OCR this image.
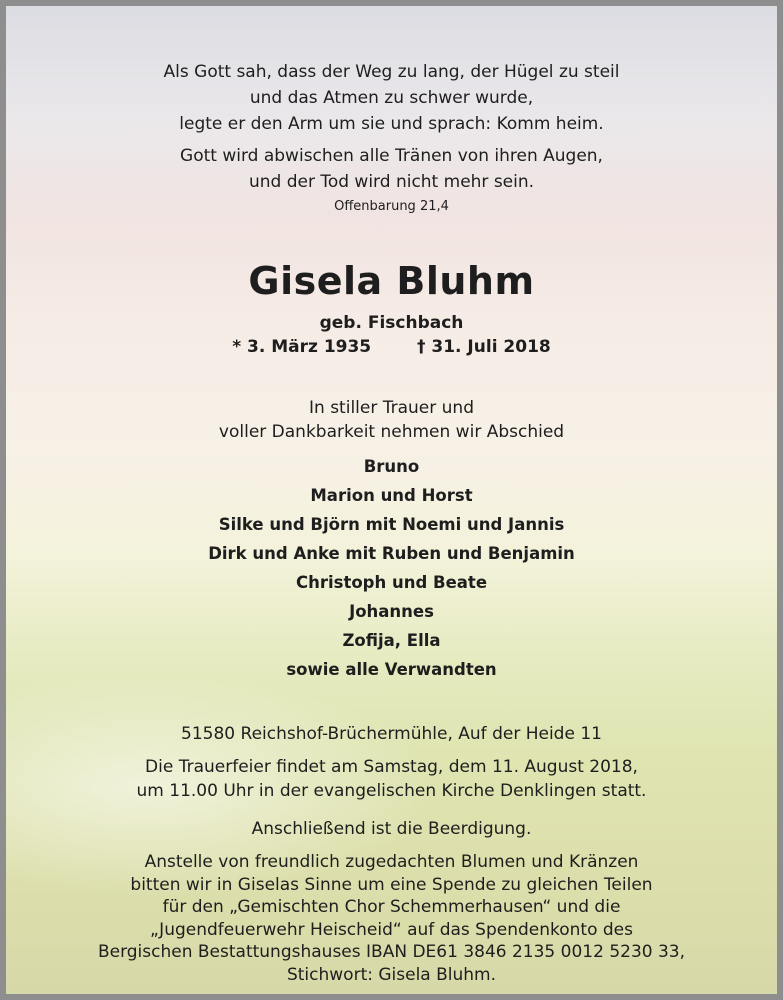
Als Gott sah, dass der Weg zu lang, der Hügel zu steil
und das Atmen zu schwer wurde,
legte er den Arm um sie und sprach: Komm heim.
Gott wird abwischen alle Tränen von ihren Augen,
und der Tod wird nicht mehr sein.
Offenbarung 21,4
Gisela Bluhm
geb. Fischbach
* 3. März 1935	† 31. Juli 2018
In stiller Trauer und
voller Dankbarkeit nehmen wir Abschied
Bruno
Marion und Horst
Silke und Björn mit Noemi und Jannis
Dirk und Anke mit Ruben und Benjamin
Christoph und Beate
Johannes
Zofija, Ella
sowie alle Verwandten
51580 Reichshof-Brüchermühle, Auf der Heide 11
Die Trauerfeier findet am Samstag, dem 11. August 2018,
um 11.00 Uhr in der evangelischen Kirche Denklingen statt.
Anschließend ist die Beerdigung.
Anstelle von freundlich zugedachten Blumen und Kränzen
bitten wir in Giselas Sinne um eine Spende zu gleichen Teilen
für den „Gemischten Chor Schemmerhausen“ und die
„Jugendfeuerwehr Heischeid“ auf das Spendenkonto des
Bergischen Bestattungshauses IBAN DE61 3846 2135 0012 5230 33,
Stichwort: Gisela Bluhm.
